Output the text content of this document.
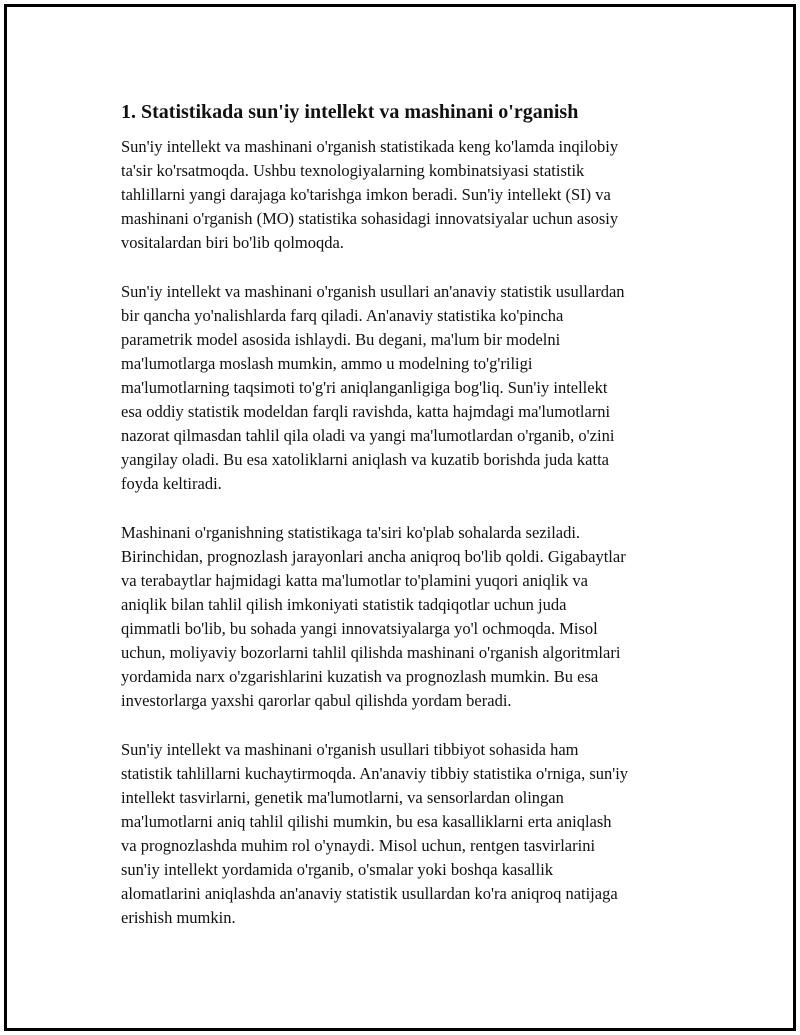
1. Statistikada sun'iy intellekt va mashinani o'rganish
Sun'iy intellekt va mashinani o'rganish statistikada keng ko'lamda inqilobiy
ta'sir ko'rsatmoqda. Ushbu texnologiyalarning kombinatsiyasi statistik
tahlillarni yangi darajaga ko'tarishga imkon beradi. Sun'iy intellekt (SI) va
mashinani o'rganish (MO) statistika sohasidagi innovatsiyalar uchun asosiy
vositalardan biri bo'lib qolmoqda.
Sun'iy intellekt va mashinani o'rganish usullari an'anaviy statistik usullardan
bir qancha yo'nalishlarda farq qiladi. An'anaviy statistika ko'pincha
parametrik model asosida ishlaydi. Bu degani, ma'lum bir modelni
ma'lumotlarga moslash mumkin, ammo u modelning to'g'riligi
ma'lumotlarning taqsimoti to'g'ri aniqlanganligiga bog'liq. Sun'iy intellekt
esa oddiy statistik modeldan farqli ravishda, katta hajmdagi ma'lumotlarni
nazorat qilmasdan tahlil qila oladi va yangi ma'lumotlardan o'rganib, o'zini
yangilay oladi. Bu esa xatoliklarni aniqlash va kuzatib borishda juda katta
foyda keltiradi.
Mashinani o'rganishning statistikaga ta'siri ko'plab sohalarda seziladi.
Birinchidan, prognozlash jarayonlari ancha aniqroq bo'lib qoldi. Gigabaytlar
va terabaytlar hajmidagi katta ma'lumotlar to'plamini yuqori aniqlik va
aniqlik bilan tahlil qilish imkoniyati statistik tadqiqotlar uchun juda
qimmatli bo'lib, bu sohada yangi innovatsiyalarga yo'l ochmoqda. Misol
uchun, moliyaviy bozorlarni tahlil qilishda mashinani o'rganish algoritmlari
yordamida narx o'zgarishlarini kuzatish va prognozlash mumkin. Bu esa
investorlarga yaxshi qarorlar qabul qilishda yordam beradi.
Sun'iy intellekt va mashinani o'rganish usullari tibbiyot sohasida ham
statistik tahlillarni kuchaytirmoqda. An'anaviy tibbiy statistika o'rniga, sun'iy
intellekt tasvirlarni, genetik ma'lumotlarni, va sensorlardan olingan
ma'lumotlarni aniq tahlil qilishi mumkin, bu esa kasalliklarni erta aniqlash
va prognozlashda muhim rol o'ynaydi. Misol uchun, rentgen tasvirlarini
sun'iy intellekt yordamida o'rganib, o'smalar yoki boshqa kasallik
alomatlarini aniqlashda an'anaviy statistik usullardan ko'ra aniqroq natijaga
erishish mumkin.
